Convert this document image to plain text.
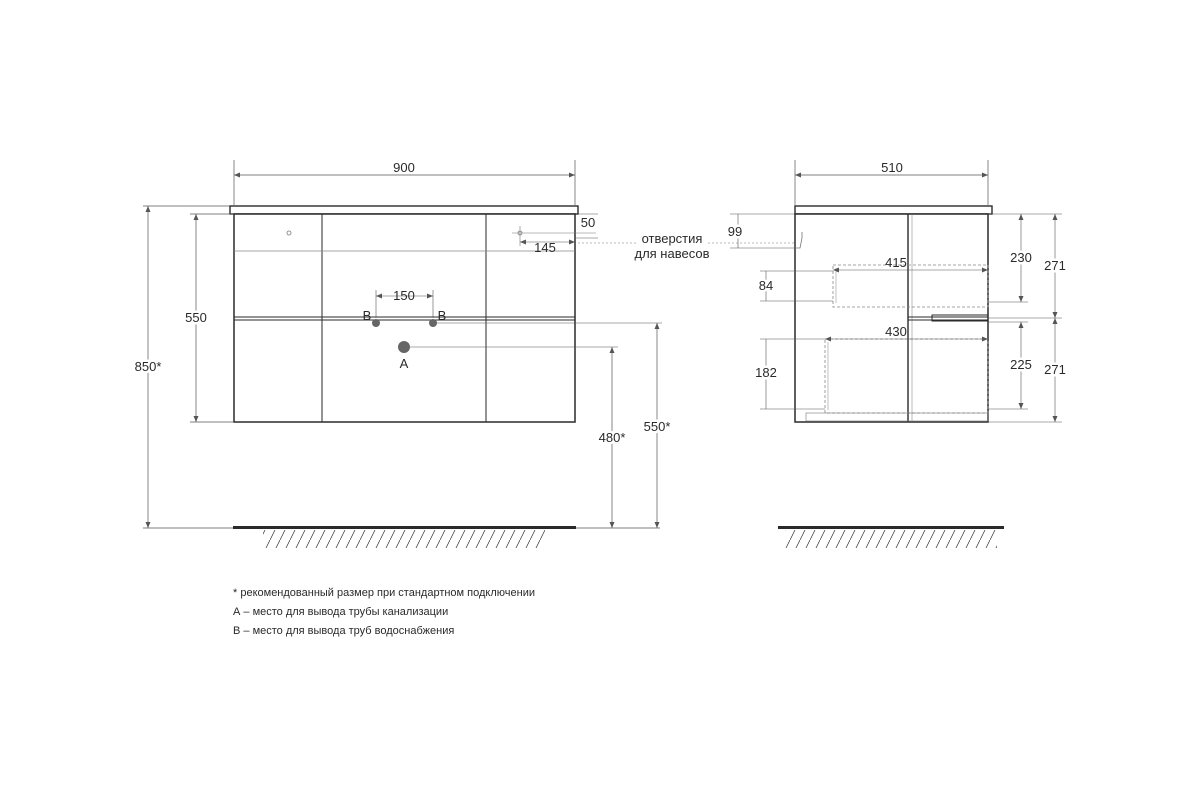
900
850*
550
50
145
отверстия
для навесов
150
B	B
A
550*
480*
510
99
84
415
182
430
230
225
271
271
* рекомендованный размер при стандартном подключении
А – место для вывода трубы канализации
В – место для вывода труб водоснабжения
